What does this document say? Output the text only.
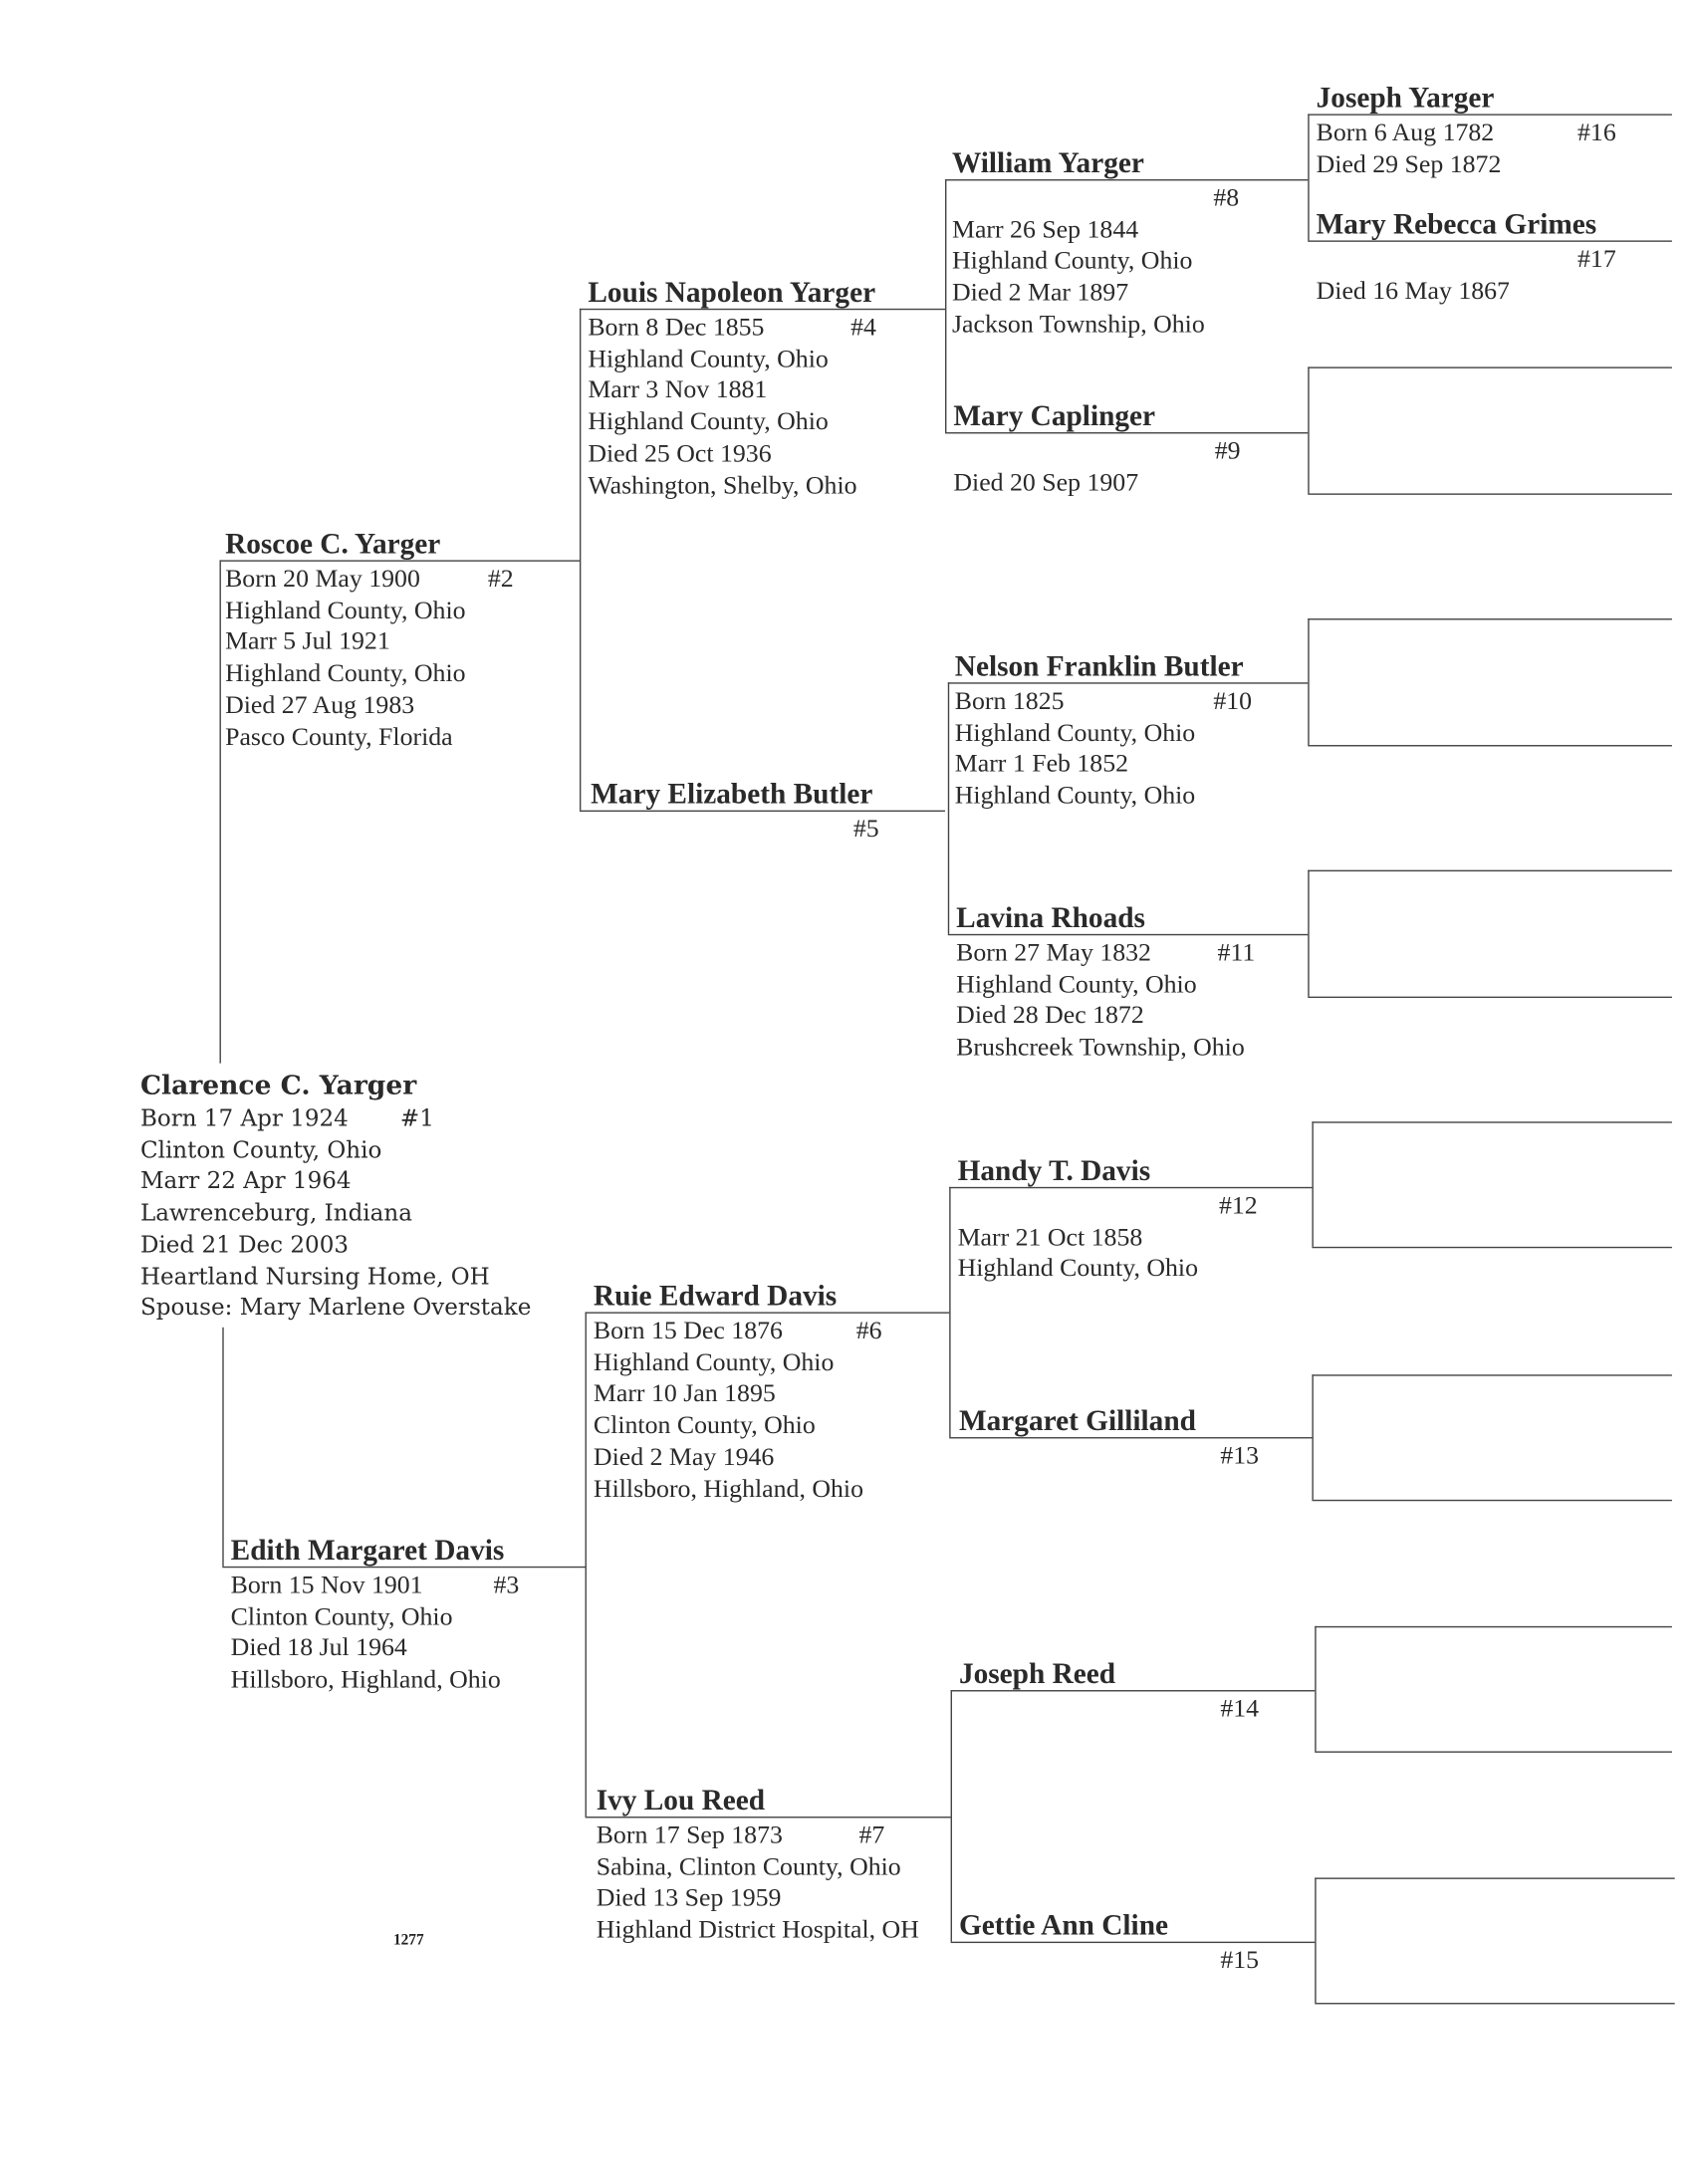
1277
Clarence C. Yarger
Born 17 Apr 1924	#1
Clinton County, Ohio
Marr 22 Apr 1964
Lawrenceburg, Indiana
Died 21 Dec 2003
Heartland Nursing Home, OH
Spouse: Mary Marlene Overstake
Roscoe C. Yarger
Born 20 May 1900	#2
Highland County, Ohio
Marr 5 Jul 1921
Highland County, Ohio
Died 27 Aug 1983
Pasco County, Florida
Edith Margaret Davis
Born 15 Nov 1901	#3
Clinton County, Ohio
Died 18 Jul 1964
Hillsboro, Highland, Ohio
Louis Napoleon Yarger
Born 8 Dec 1855	#4
Highland County, Ohio
Marr 3 Nov 1881
Highland County, Ohio
Died 25 Oct 1936
Washington, Shelby, Ohio
Mary Elizabeth Butler

#5
Ruie Edward Davis
Born 15 Dec 1876	#6
Highland County, Ohio
Marr 10 Jan 1895
Clinton County, Ohio
Died 2 May 1946
Hillsboro, Highland, Ohio
Ivy Lou Reed
Born 17 Sep 1873	#7
Sabina, Clinton County, Ohio
Died 13 Sep 1959
Highland District Hospital, OH
William Yarger

#8
Marr 26 Sep 1844
Highland County, Ohio
Died 2 Mar 1897
Jackson Township, Ohio
Mary Caplinger

#9
Died 20 Sep 1907
Nelson Franklin Butler
Born 1825	#10
Highland County, Ohio
Marr 1 Feb 1852
Highland County, Ohio
Lavina Rhoads
Born 27 May 1832	#11
Highland County, Ohio
Died 28 Dec 1872
Brushcreek Township, Ohio
Handy T. Davis

#12
Marr 21 Oct 1858
Highland County, Ohio
Margaret Gilliland

#13
Joseph Reed

#14
Gettie Ann Cline

#15
Joseph Yarger
Born 6 Aug 1782	#16
Died 29 Sep 1872
Mary Rebecca Grimes

#17
Died 16 May 1867
